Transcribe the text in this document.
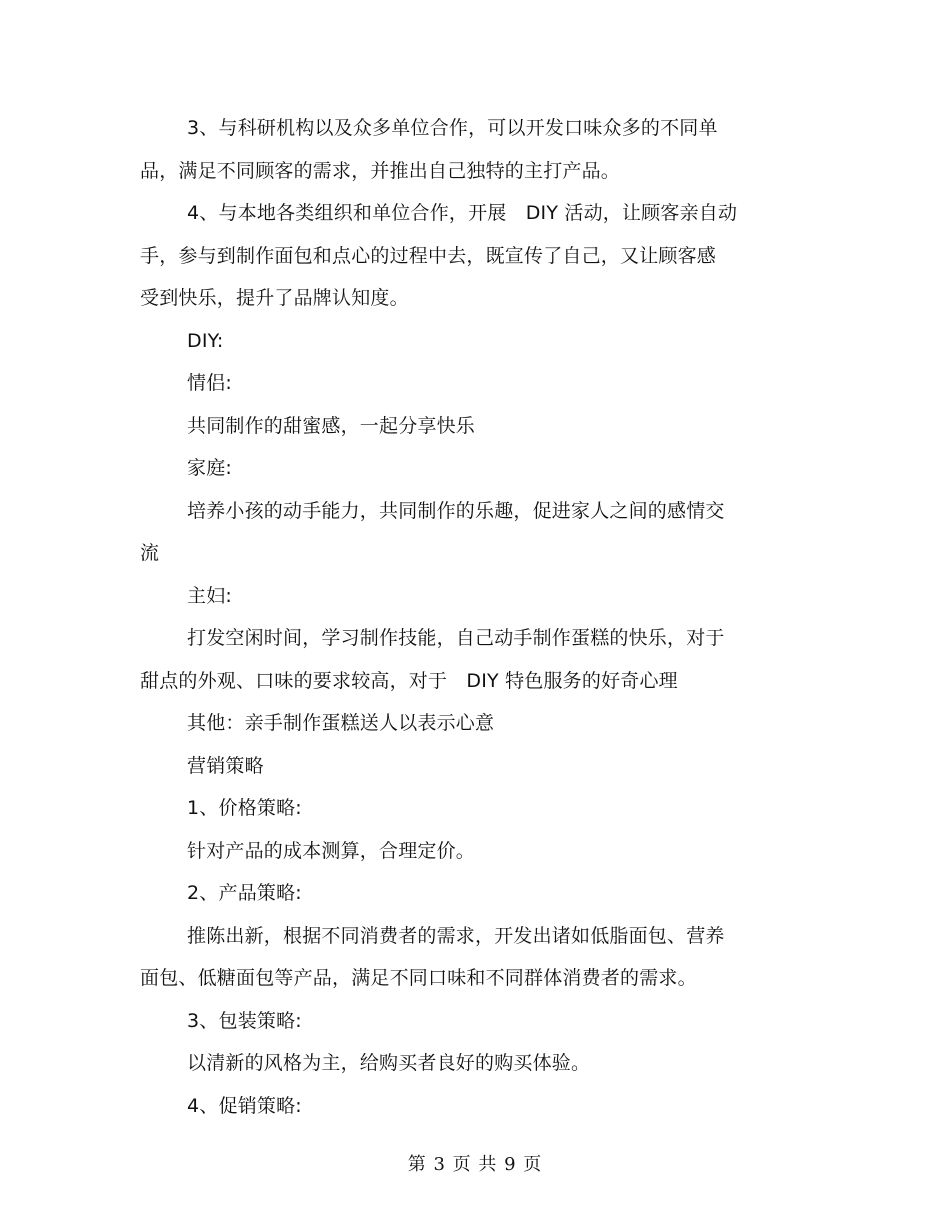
3、与科研机构以及众多单位合作，可以开发口味众多的不同单
品，满足不同顾客的需求，并推出自己独特的主打产品。
4、与本地各类组织和单位合作，开展　DIY 活动，让顾客亲自动
手，参与到制作面包和点心的过程中去，既宣传了自己，又让顾客感
受到快乐，提升了品牌认知度。
DIY:
情侣:
共同制作的甜蜜感，一起分享快乐
家庭:
培养小孩的动手能力，共同制作的乐趣，促进家人之间的感情交
流
主妇:
打发空闲时间，学习制作技能，自己动手制作蛋糕的快乐，对于
甜点的外观、口味的要求较高，对于　DIY 特色服务的好奇心理
其他：亲手制作蛋糕送人以表示心意
营销策略
1、价格策略:
针对产品的成本测算，合理定价。
2、产品策略:
推陈出新，根据不同消费者的需求，开发出诸如低脂面包、营养
面包、低糖面包等产品，满足不同口味和不同群体消费者的需求。
3、包装策略:
以清新的风格为主，给购买者良好的购买体验。
4、促销策略:
第 3 页 共 9 页
